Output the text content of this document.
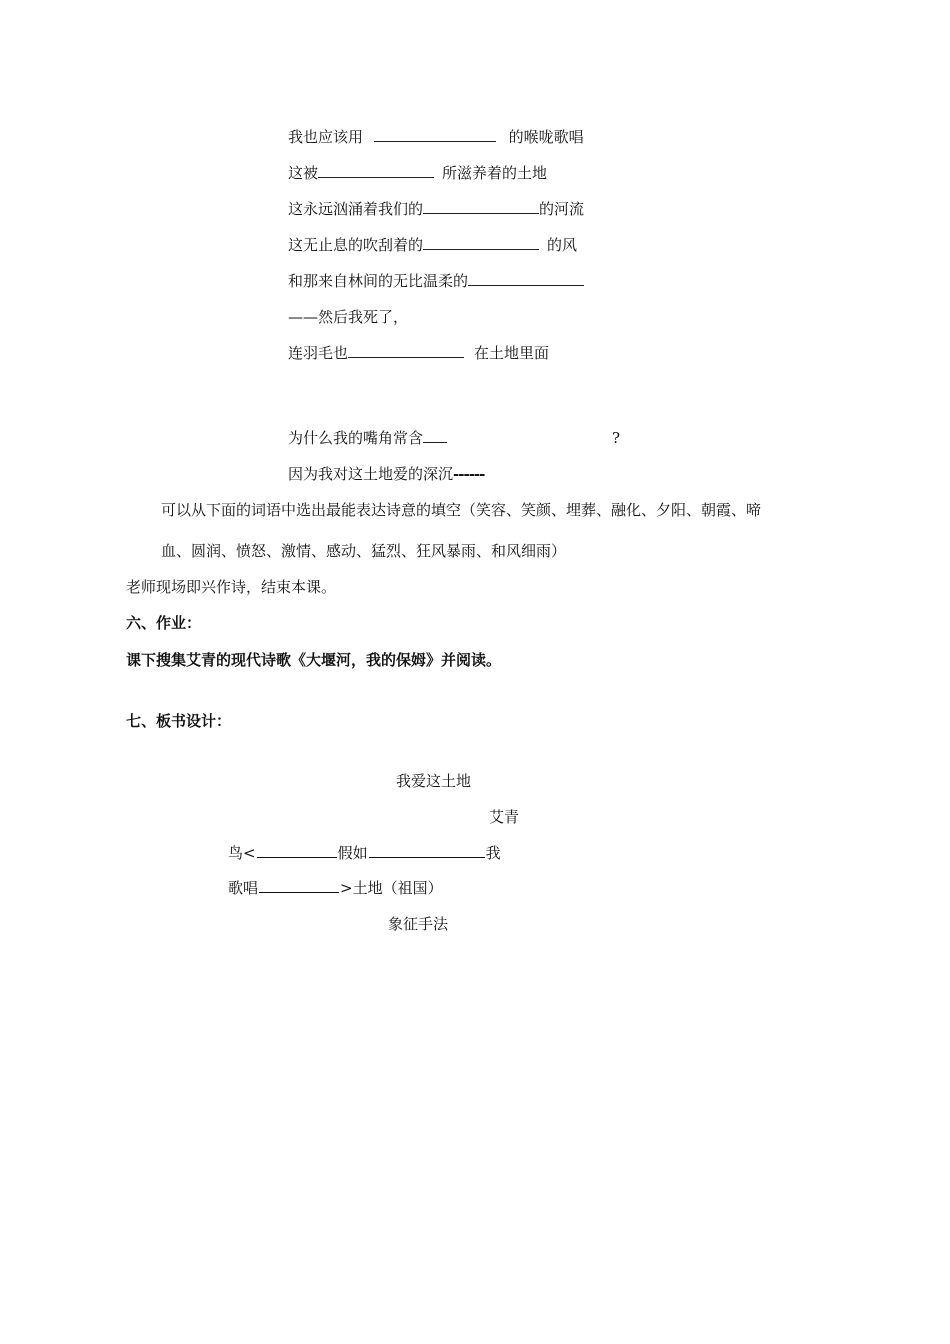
我也应该用	的喉咙歌唱
这被	所滋养着的土地
这永远汹涌着我们的	的河流
这无止息的吹刮着的	的风
和那来自林间的无比温柔的
——然后我死了，
连羽毛也	在土地里面
为什么我的嘴角常含	?
因为我对这土地爱的深沉------
可以从下面的词语中选出最能表达诗意的填空（笑容、笑颜、埋葬、融化、夕阳、朝霞、啼
血、圆润、愤怒、激情、感动、猛烈、狂风暴雨、和风细雨）
老师现场即兴作诗，结束本课。
六、作业：
课下搜集艾青的现代诗歌《大堰河，我的保姆》并阅读。
七、板书设计：
我爱这土地
艾青
鸟<	假如	我
歌唱	>土地（祖国）
象征手法
